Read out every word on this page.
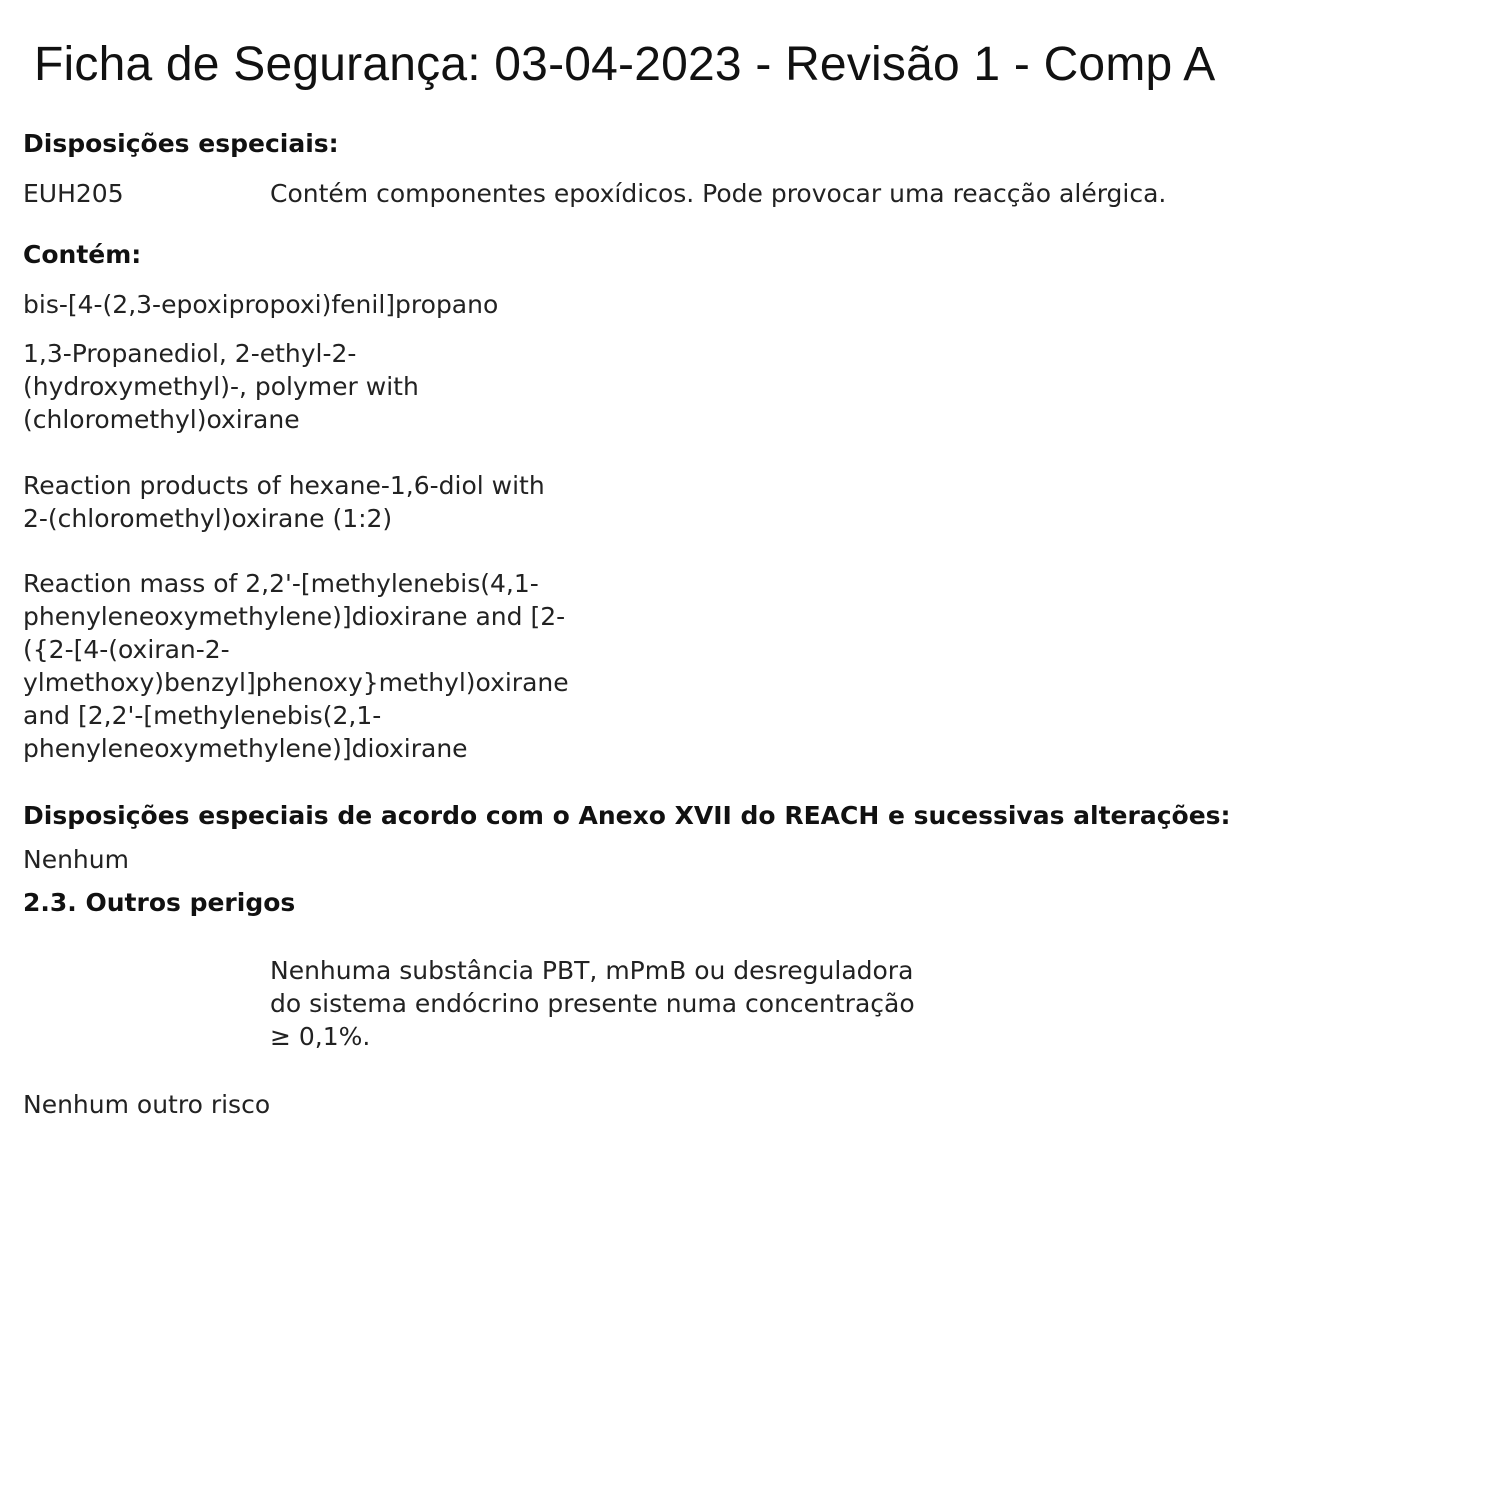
Ficha de Segurança: 03-04-2023 - Revisão 1 - Comp A

Disposições especiais:

EUH205	Contém componentes epoxídicos. Pode provocar uma reacção alérgica.

Contém:

bis-[4-(2,3-epoxipropoxi)fenil]propano

1,3-Propanediol, 2-ethyl-2-
(hydroxymethyl)-, polymer with
(chloromethyl)oxirane

Reaction products of hexane-1,6-diol with
2-(chloromethyl)oxirane (1:2)

Reaction mass of 2,2'-[methylenebis(4,1-
phenyleneoxymethylene)]dioxirane and [2-
({2-[4-(oxiran-2-
ylmethoxy)benzyl]phenoxy}methyl)oxirane
and [2,2'-[methylenebis(2,1-
phenyleneoxymethylene)]dioxirane

Disposições especiais de acordo com o Anexo XVII do REACH e sucessivas alterações:

Nenhum

2.3. Outros perigos

Nenhuma substância PBT, mPmB ou desreguladora
do sistema endócrino presente numa concentração
≥ 0,1%.

Nenhum outro risco
